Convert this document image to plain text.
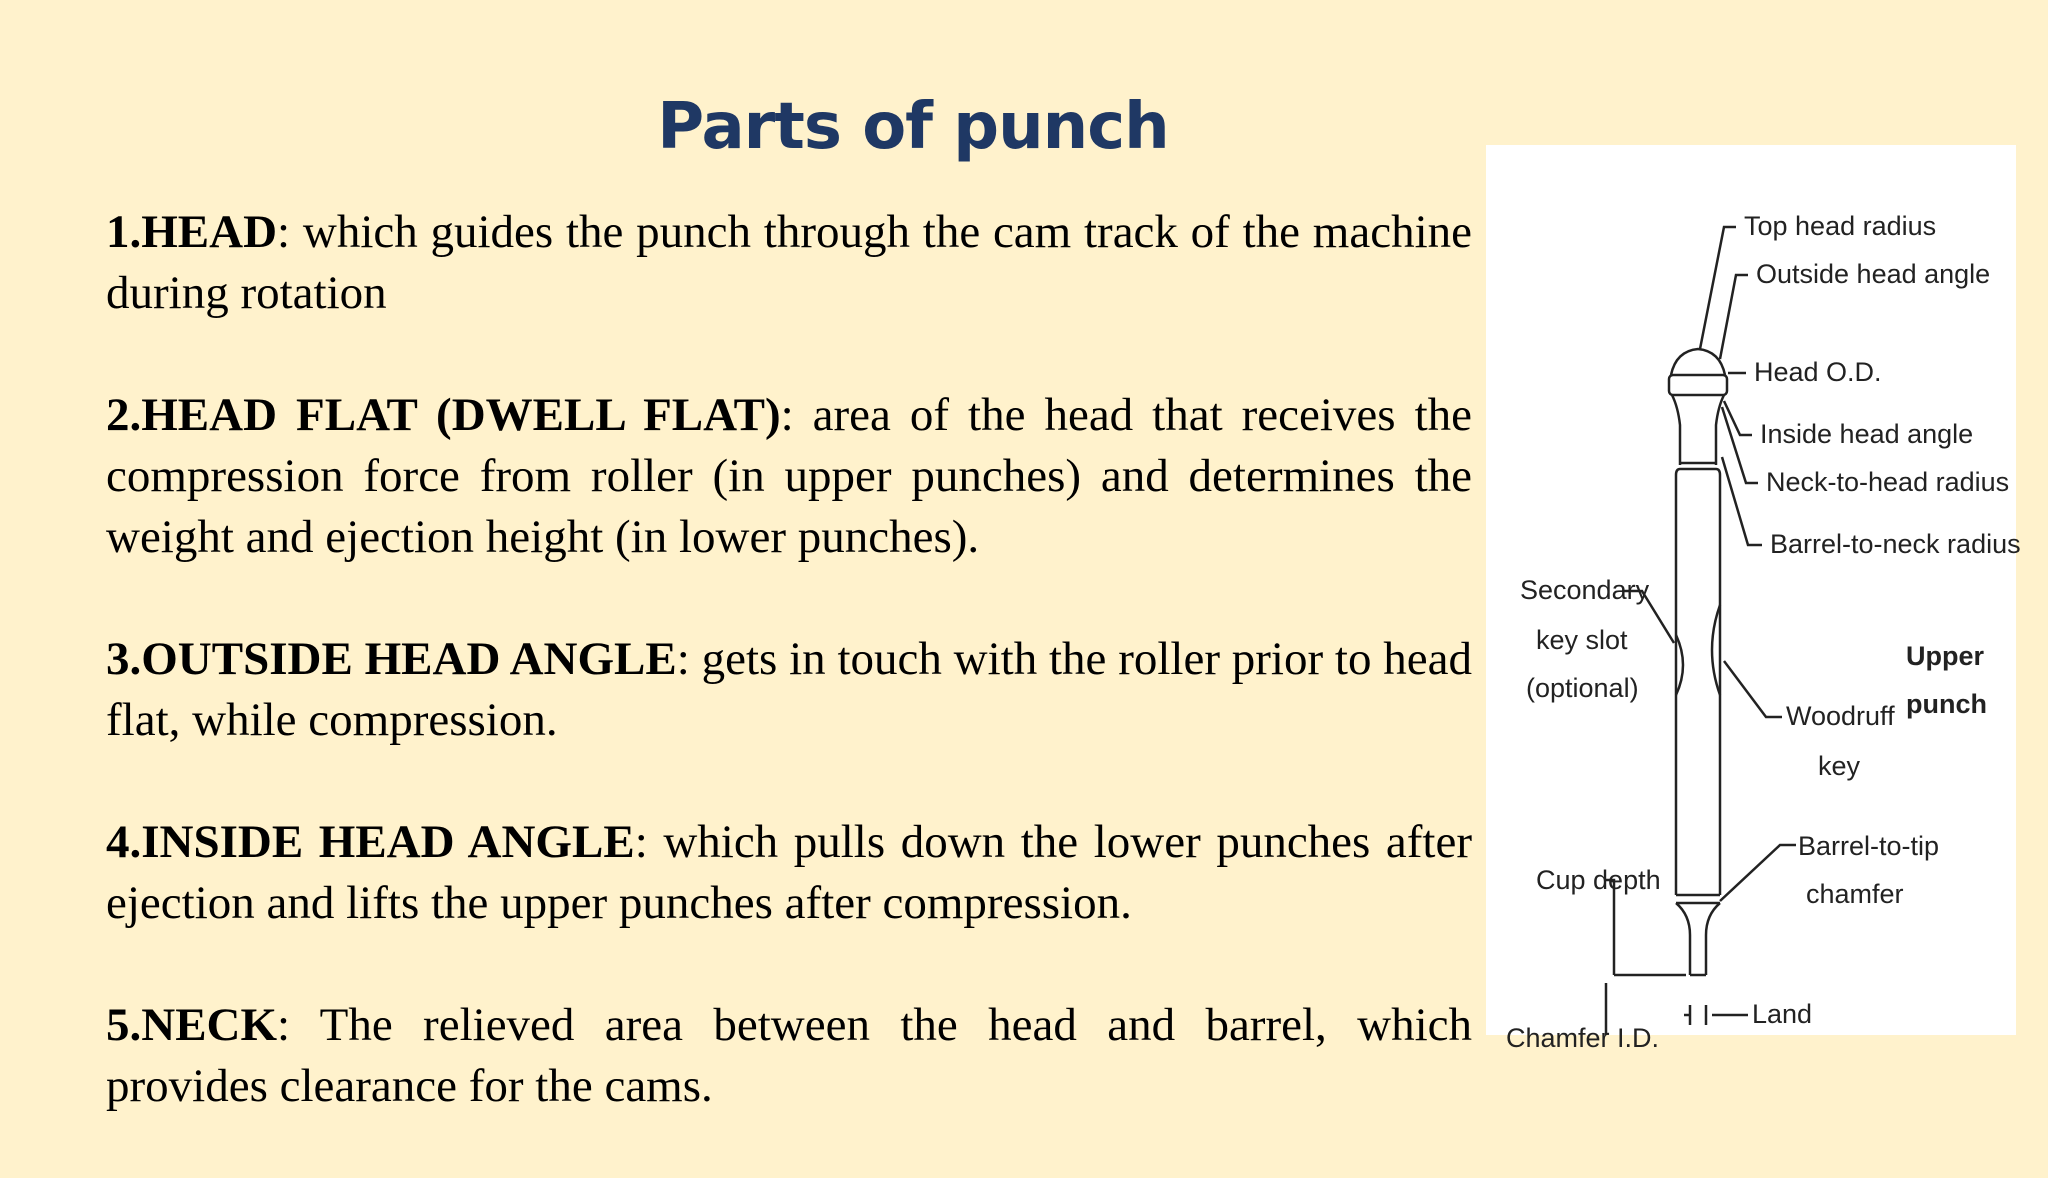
Parts of punch

1.HEAD: which guides the punch through the cam track of the machine during rotation

2.HEAD FLAT (DWELL FLAT): area of the head that receives the compression force from roller (in upper punches) and determines the weight and ejection height (in lower punches).

3.OUTSIDE HEAD ANGLE: gets in touch with the roller prior to head flat, while compression.

4.INSIDE HEAD ANGLE: which pulls down the lower punches after ejection and lifts the upper punches after compression.

5.NECK: The relieved area between the head and barrel, which provides clearance for the cams.

Top head radius
Outside head angle
Head O.D.
Inside head angle
Neck-to-head radius
Barrel-to-neck radius
Secondary
key slot
(optional)
Upper
punch
Woodruff
key
Cup depth
Barrel-to-tip
chamfer
Land
Chamfer I.D.
